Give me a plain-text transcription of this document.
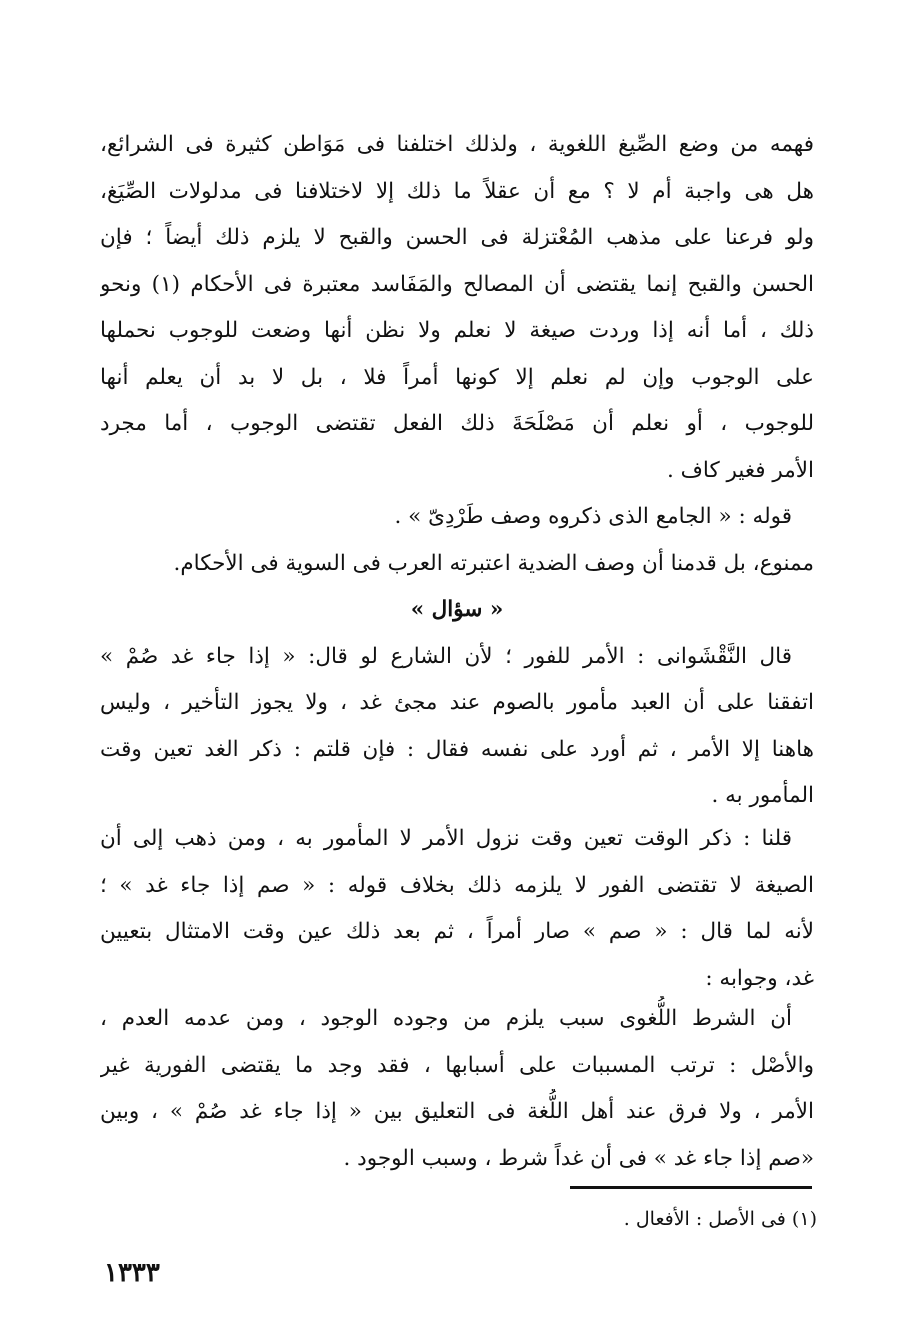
فهمه من وضع الصِّيغ اللغوية ، ولذلك اختلفنا فى مَوَاطن كثيرة فى الشرائع،
هل هى واجبة أم لا ؟ مع أن عقلاً ما ذلك إلا لاختلافنا فى مدلولات الصِّيَغ،
ولو فرعنا على مذهب المُعْتزلة فى الحسن والقبح لا يلزم ذلك أيضاً ؛ فإن
الحسن والقبح إنما يقتضى أن المصالح والمَفَاسد معتبرة فى الأحكام (١) ونحو
ذلك ، أما أنه إذا وردت صيغة لا نعلم ولا نظن أنها وضعت للوجوب نحملها
على الوجوب وإن لم نعلم إلا كونها أمراً فلا ، بل لا بد أن يعلم أنها
للوجوب ، أو نعلم أن مَصْلَحَةَ ذلك الفعل تقتضى الوجوب ، أما مجرد
الأمر فغير كاف .
قوله : « الجامع الذى ذكروه وصف طَرْدِىّ » .
ممنوع، بل قدمنا أن وصف الضدية اعتبرته العرب فى السوية فى الأحكام.
« سؤال »
قال النَّقْشَوانى : الأمر للفور ؛ لأن الشارع لو قال: « إذا جاء غد صُمْ »
اتفقنا على أن العبد مأمور بالصوم عند مجئ غد ، ولا يجوز التأخير ، وليس
هاهنا إلا الأمر ، ثم أورد على نفسه فقال : فإن قلتم : ذكر الغد تعين وقت
المأمور به .
قلنا : ذكر الوقت تعين وقت نزول الأمر لا المأمور به ، ومن ذهب إلى أن
الصيغة لا تقتضى الفور لا يلزمه ذلك بخلاف قوله : « صم إذا جاء غد » ؛
لأنه لما قال : « صم » صار أمراً ، ثم بعد ذلك عين وقت الامتثال بتعيين
غد، وجوابه :
أن الشرط اللُّغوى سبب يلزم من وجوده الوجود ، ومن عدمه العدم ،
والأصْل : ترتب المسببات على أسبابها ، فقد وجد ما يقتضى الفورية غير
الأمر ، ولا فرق عند أهل اللُّغة فى التعليق بين « إذا جاء غد صُمْ » ، وبين
«صم إذا جاء غد » فى أن غداً شرط ، وسبب الوجود .
(١) فى الأصل : الأفعال .
١٣٣٣
